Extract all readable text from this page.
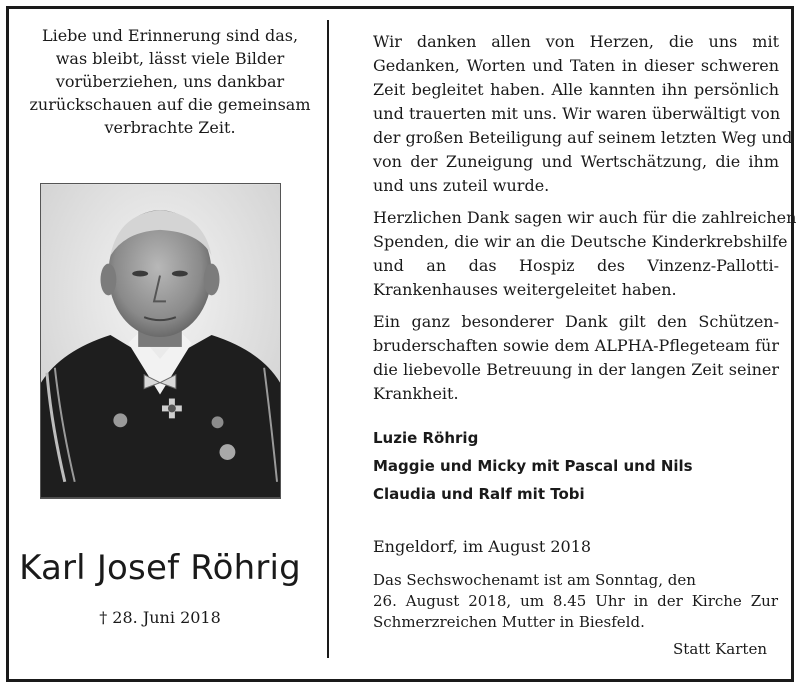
Liebe und Erinnerung sind das,
was bleibt, lässt viele Bilder
vorüberziehen, uns dankbar
zurückschauen auf die gemeinsam
verbrachte Zeit.
Karl Josef Röhrig
† 28. Juni 2018
Wir danken allen von Herzen, die uns mit
Gedanken, Worten und Taten in dieser schweren
Zeit begleitet haben. Alle kannten ihn persönlich
und trauerten mit uns. Wir waren überwältigt von
der großen Beteiligung auf seinem letzten Weg und
von der Zuneigung und Wertschätzung, die ihm
und uns zuteil wurde.
Herzlichen Dank sagen wir auch für die zahlreichen
Spenden, die wir an die Deutsche Kinderkrebshilfe
und an das Hospiz des Vinzenz-Pallotti-
Krankenhauses weitergeleitet haben.
Ein ganz besonderer Dank gilt den Schützen-
bruderschaften sowie dem ALPHA-Pflegeteam für
die liebevolle Betreuung in der langen Zeit seiner
Krankheit.
Luzie Röhrig
Maggie und Micky mit Pascal und Nils
Claudia und Ralf mit Tobi
Engeldorf, im August 2018
Das Sechswochenamt ist am Sonntag, den
26. August 2018, um 8.45 Uhr in der Kirche Zur
Schmerzreichen Mutter in Biesfeld.
Statt Karten
